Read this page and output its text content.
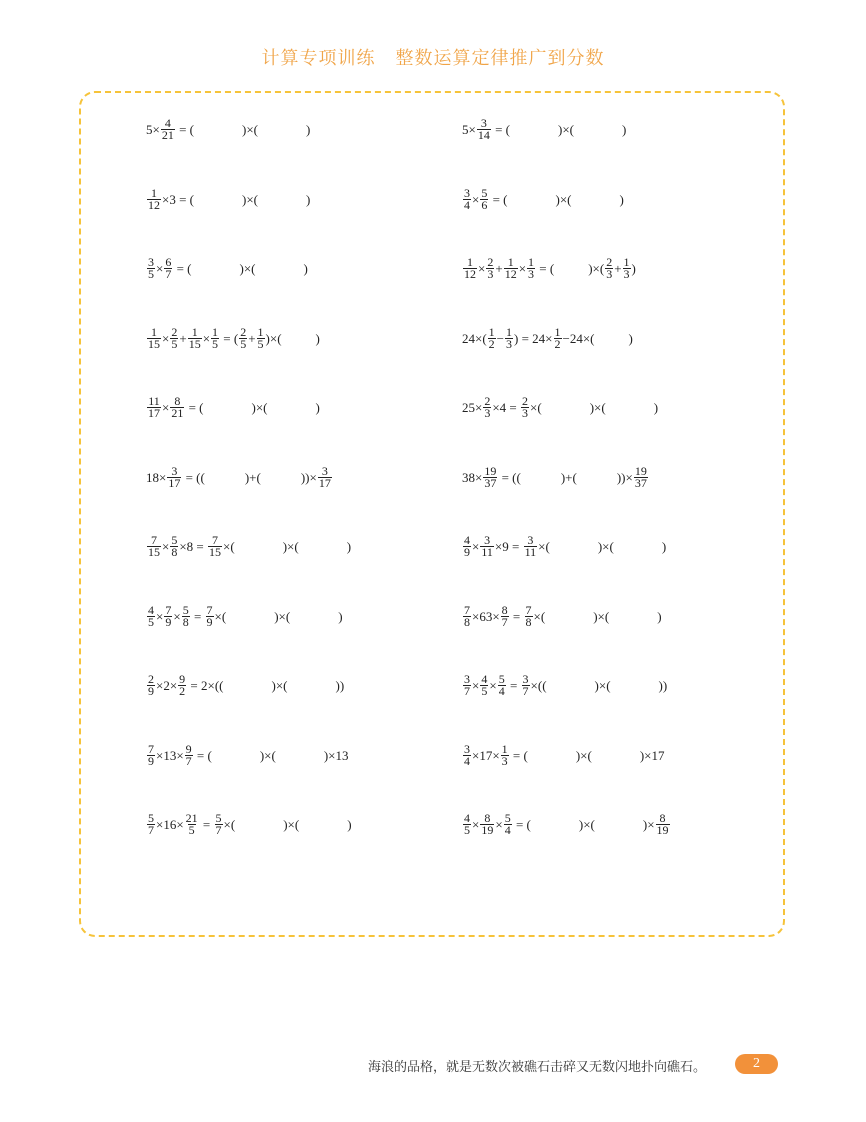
计算专项训练 整数运算定律推广到分数
$5\times \frac{4}{21}$ = (	)×(	)	$5\times \frac{3}{14}$ = (	)×(	)
$\frac{1}{12} \times 3$ = (	)×(	)	$\frac{3}{4} \times \frac{5}{6}$ = (	)×(	)
$\frac{3}{5} \times \frac{6}{7}$ = (	)×(	)	$\frac{1}{12} \times \frac{2}{3} + \frac{1}{12} \times \frac{1}{3}$ = (	)×( $\frac{2}{3} + \frac{1}{3}$ )
$\frac{1}{15} \times \frac{2}{5} + \frac{1}{15} \times \frac{1}{5}$ = ( $\frac{2}{5} + \frac{1}{5}$ )×(	)	$24\times( \frac{1}{2} - \frac{1}{3}$ ) = $24\times \frac{1}{2} -24\times$(	)
$\frac{11}{17} \times \frac{8}{21}$ = (	)×(	)	$25\times \frac{2}{3} \times 4 = \frac{2}{3}$ ×(	)×(	)
$18\times \frac{3}{17}$ = ((	)+(	))× $\frac{3}{17}$	$38\times \frac{19}{37}$ = ((	)+(	))× $\frac{19}{37}$
$\frac{7}{15} \times \frac{5}{8} \times 8 = \frac{7}{15}$ ×(	)×(	)	$\frac{4}{9} \times \frac{3}{11} \times 9 = \frac{3}{11}$ ×(	)×(	)
$\frac{4}{5} \times \frac{7}{9} \times \frac{5}{8} = \frac{7}{9}$ ×(	)×(	)	$\frac{7}{8} \times 63\times \frac{8}{7} = \frac{7}{8}$ ×(	)×(	)
$\frac{2}{9} \times 2\times \frac{9}{2} = 2\times$((	)×(	))	$\frac{3}{7} \times \frac{4}{5} \times \frac{5}{4} = \frac{3}{7}$ ×((	)×(	))
$\frac{7}{9} \times 13\times \frac{9}{7}$ = (	)×(	)×13	$\frac{3}{4} \times 17\times \frac{1}{3}$ = (	)×(	)×17
$\frac{5}{7} \times 16\times \frac{21}{5} = \frac{5}{7}$ ×(	)×(	)	$\frac{4}{5} \times \frac{8}{19} \times \frac{5}{4}$ = (	)×(	)× $\frac{8}{19}$
海浪的品格，就是无数次被礁石击碎又无数闪地扑向礁石。	2
